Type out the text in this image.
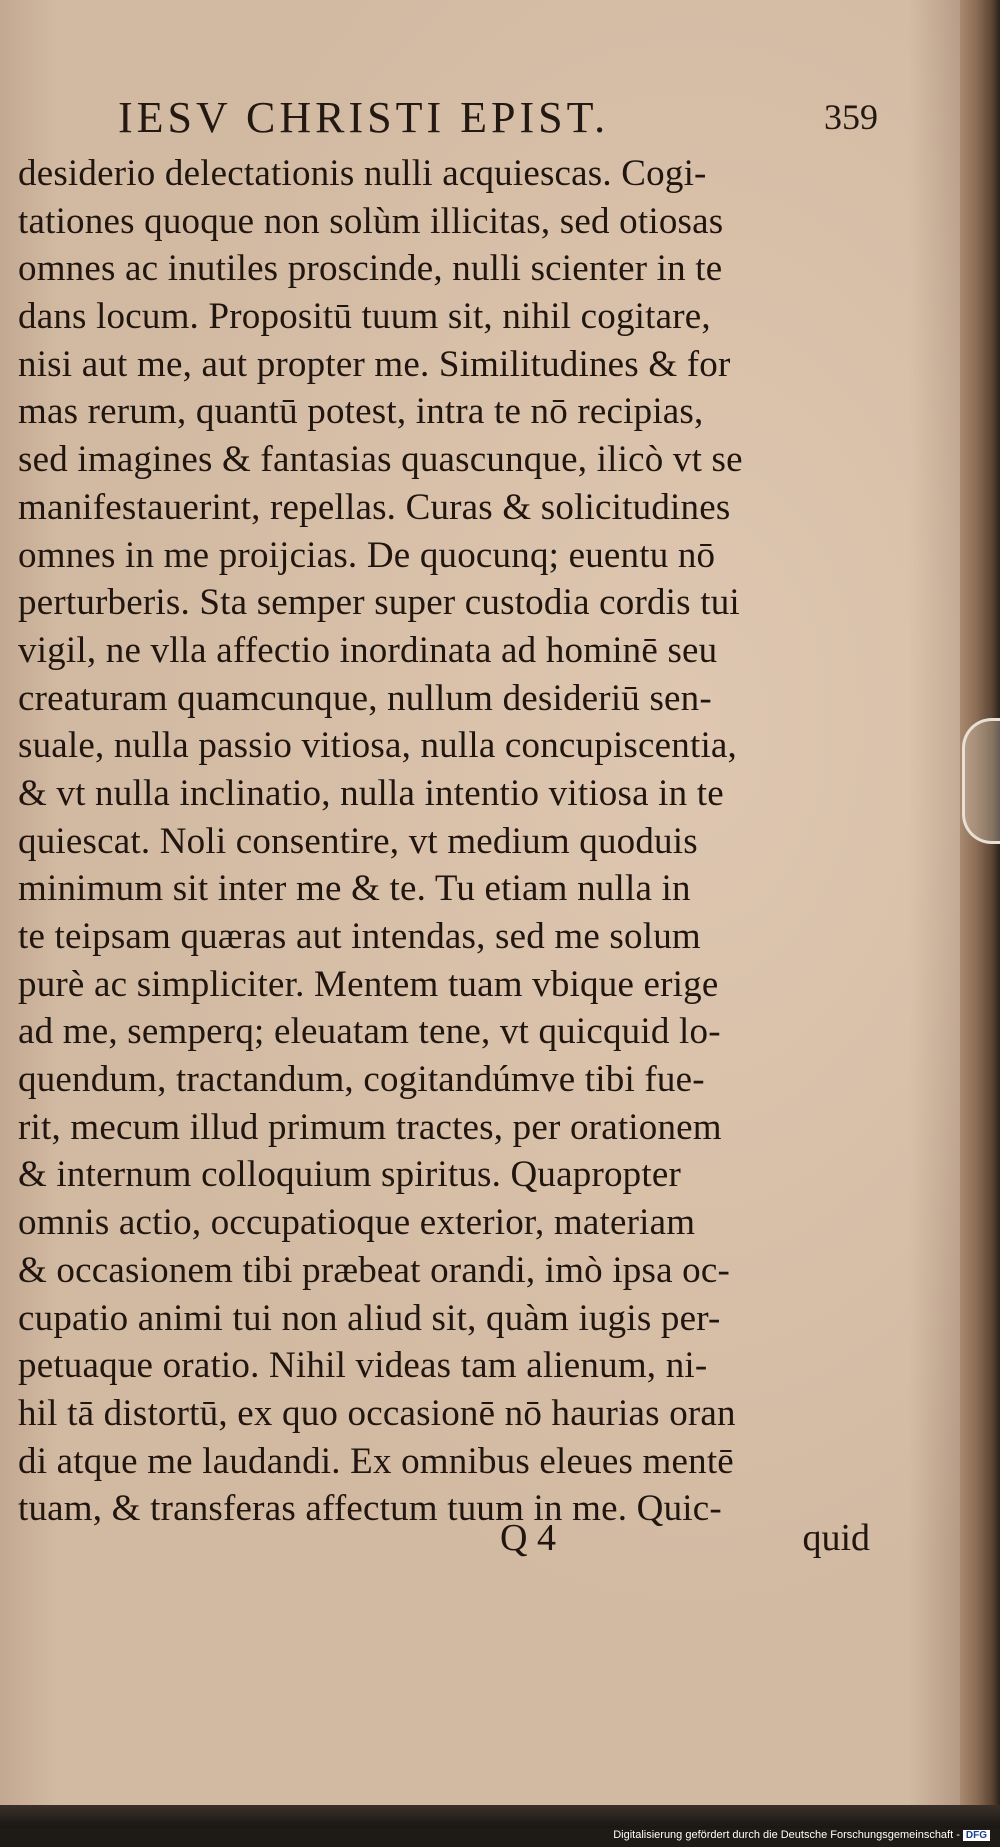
IESV CHRISTI EPIST.	359
desiderio delectationis nulli acquiescas. Cogi-
tationes quoque non solùm illicitas, sed otiosas
omnes ac inutiles proscinde, nulli scienter in te
dans locum. Propositū tuum sit, nihil cogitare,
nisi aut me, aut propter me. Similitudines & for
mas rerum, quantū potest, intra te nō recipias,
sed imagines & fantasias quascunque, ilicò vt se
manifestauerint, repellas. Curas & solicitudines
omnes in me proijcias. De quocunq; euentu nō
perturberis. Sta semper super custodia cordis tui
vigil, ne vlla affectio inordinata ad hominē seu
creaturam quamcunque, nullum desideriū sen-
suale, nulla passio vitiosa, nulla concupiscentia,
& vt nulla inclinatio, nulla intentio vitiosa in te
quiescat. Noli consentire, vt medium quoduis
minimum sit inter me & te. Tu etiam nulla in
te teipsam quæras aut intendas, sed me solum
purè ac simpliciter. Mentem tuam vbique erige
ad me, semperq; eleuatam tene, vt quicquid lo-
quendum, tractandum, cogitandúmve tibi fue-
rit, mecum illud primum tractes, per orationem
& internum colloquium spiritus. Quapropter
omnis actio, occupatioque exterior, materiam
& occasionem tibi præbeat orandi, imò ipsa oc-
cupatio animi tui non aliud sit, quàm iugis per-
petuaque oratio. Nihil videas tam alienum, ni-
hil tā distortū, ex quo occasionē nō haurias oran
di atque me laudandi. Ex omnibus eleues mentē
tuam, & transferas affectum tuum in me. Quic-
Q 4	quid
Digitalisierung gefördert durch die Deutsche Forschungsgemeinschaft - DFG
